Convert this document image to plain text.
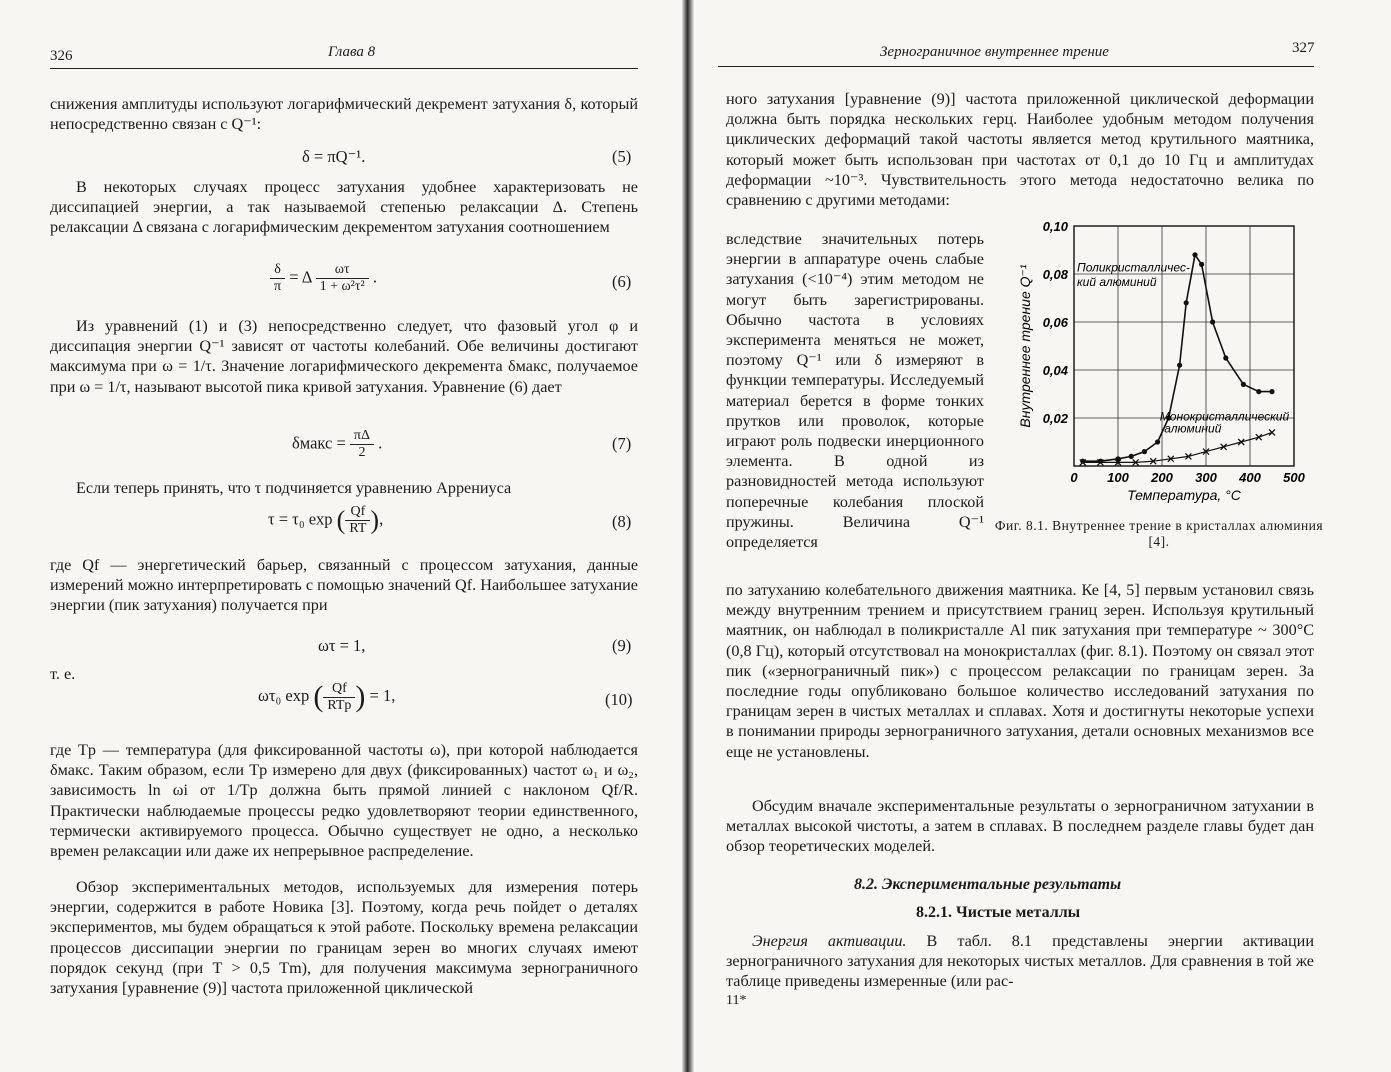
326	Глава 8
снижения амплитуды используют логарифмический декремент затухания δ, который непосредственно связан с Q⁻¹:
δ = πQ⁻¹.	(5)
В некоторых случаях процесс затухания удобнее характеризовать не диссипацией энергии, а так называемой степенью релаксации Δ. Степень релаксации Δ связана с логарифмическим декрементом затухания соотношением
$\frac{\delta}{\pi} = \Delta \frac{\omega\tau}{\text{1 + ω²τ²}}$ .	(6)
Из уравнений (1) и (3) непосредственно следует, что фазовый угол φ и диссипация энергии Q⁻¹ зависят от частоты колебаний. Обе величины достигают максимума при ω = 1/τ. Значение логарифмического декремента δмакс, получаемое при ω = 1/τ, называют высотой пика кривой затухания. Уравнение (6) дает
δмакс = $\frac{\pi\Delta}{2}$ .	(7)
Если теперь принять, что τ подчиняется уравнению Аррениуса
τ = τ₀ exp ( $\frac{Qf}{RT}$ ),	(8)
где Qf — энергетический барьер, связанный с процессом затухания, данные измерений можно интерпретировать с помощью значений Qf. Наибольшее затухание энергии (пик затухания) получается при
ωτ = 1,	(9)
т. е.
ωτ₀ exp ( $\frac{Qf}{\text{RTp}}$ ) = 1,	(10)
где Tp — температура (для фиксированной частоты ω), при которой наблюдается δмакс. Таким образом, если Tp измерено для двух (фиксированных) частот ω₁ и ω₂, зависимость ln ωi от 1/Tp должна быть прямой линией с наклоном Qf/R. Практически наблюдаемые процессы редко удовлетворяют теории единственного, термически активируемого процесса. Обычно существует не одно, а несколько времен релаксации или даже их непрерывное распределение.
Обзор экспериментальных методов, используемых для измерения потерь энергии, содержится в работе Новика [3]. Поэтому, когда речь пойдет о деталях экспериментов, мы будем обращаться к этой работе. Поскольку времена релаксации процессов диссипации энергии по границам зерен во многих случаях имеют порядок секунд (при T > 0,5 Tm), для получения максимума зернограничного затухания [уравнение (9)] частота приложенной циклической
Зернограничное внутреннее трение	327
ного затухания [уравнение (9)] частота приложенной циклической деформации должна быть порядка нескольких герц. Наиболее удобным методом получения циклических деформаций такой частоты является метод крутильного маятника, который может быть использован при частотах от 0,1 до 10 Гц и амплитудах деформации ~10⁻³. Чувствительность этого метода недостаточно велика по сравнению с другими методами:
вследствие значительных потерь энергии в аппаратуре очень слабые затухания (<10⁻⁴) этим методом не могут быть зарегистрированы. Обычно частота в условиях эксперимента меняться не может, поэтому Q⁻¹ или δ измеряют в функции температуры. Исследуемый материал берется в форме тонких прутков или проволок, которые играют роль подвески инерционного элемента. В одной из разновидностей метода используют поперечные колебания плоской пружины. Величина Q⁻¹ определяется
0 100 200 300 400 500
0,02
0,04
0,06
0,08
0,10
Температура, °С
Внутреннее трение Q⁻¹	Поликристалличес-
кий алюминий
Монокристаллический
алюминий
Фиг. 8.1. Внутреннее трение в кристаллах алюминия [4].
по затуханию колебательного движения маятника. Ке [4, 5] первым установил связь между внутренним трением и присутствием границ зерен. Используя крутильный маятник, он наблюдал в поликристалле Al пик затухания при температуре ~ 300°C (0,8 Гц), который отсутствовал на монокристаллах (фиг. 8.1). Поэтому он связал этот пик («зернограничный пик») с процессом релаксации по границам зерен. За последние годы опубликовано большое количество исследований затухания по границам зерен в чистых металлах и сплавах. Хотя и достигнуты некоторые успехи в понимании природы зернограничного затухания, детали основных механизмов все еще не установлены.
Обсудим вначале экспериментальные результаты о зернограничном затухании в металлах высокой чистоты, а затем в сплавах. В последнем разделе главы будет дан обзор теоретических моделей.
8.2. Экспериментальные результаты
8.2.1. Чистые металлы
Энергия активации. В табл. 8.1 представлены энергии активации зернограничного затухания для некоторых чистых металлов. Для сравнения в той же таблице приведены измеренные (или рас-
11*
